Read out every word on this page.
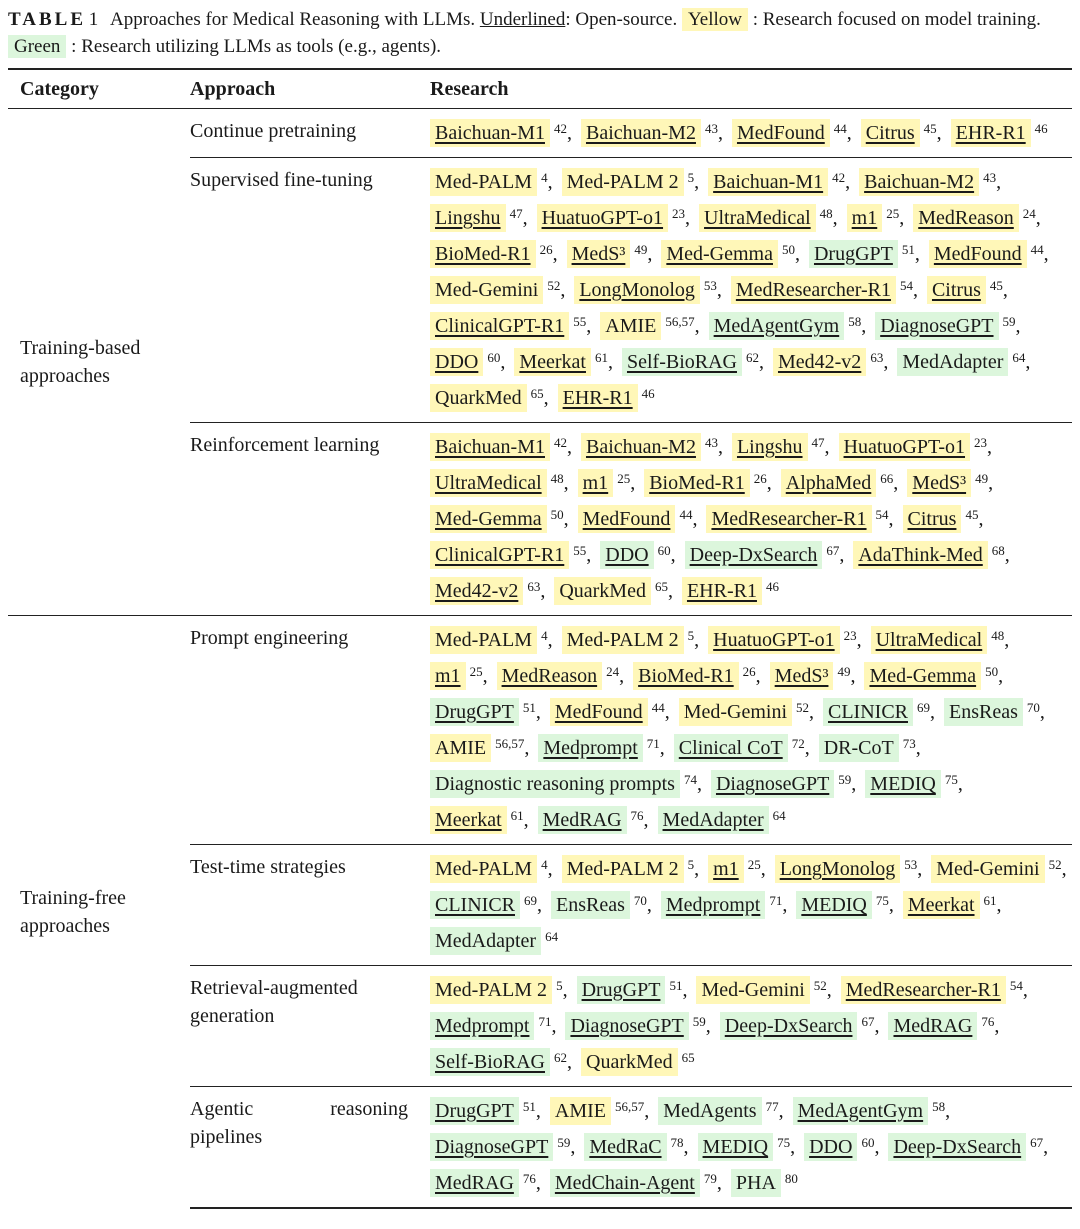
TABLE 1 Approaches for Medical Reasoning with LLMs. Underlined: Open-source. Yellow : Research focused on model training. Green : Research utilizing LLMs as tools (e.g., agents).
Category	Approach	Research
Training-based approaches	Continue pretraining	Baichuan-M1 $^{42}$, Baichuan-M2 $^{43}$, MedFound $^{44}$, Citrus $^{45}$, EHR-R1 $^{46}$

	Supervised fine-tuning	Med-PALM $^4$, Med-PALM 2 $^5$, Baichuan-M1 $^{42}$, Baichuan-M2 $^{43}$, Lingshu $^{47}$, HuatuoGPT-o1 $^{23}$, UltraMedical $^{48}$, m1 $^{25}$, MedReason $^{24}$, BioMed-R1 $^{26}$, MedS³ $^{49}$, Med-Gemma $^{50}$, DrugGPT $^{51}$, MedFound $^{44}$, Med-Gemini $^{52}$, LongMonolog $^{53}$, MedResearcher-R1 $^{54}$, Citrus $^{45}$, ClinicalGPT-R1 $^{55}$, AMIE $^{56,57}$, MedAgentGym $^{58}$, DiagnoseGPT $^{59}$, DDO $^{60}$, Meerkat $^{61}$, Self-BioRAG $^{62}$, Med42-v2 $^{63}$, MedAdapter $^{64}$, QuarkMed $^{65}$, EHR-R1 $^{46}$

	Reinforcement learning	Baichuan-M1 $^{42}$, Baichuan-M2 $^{43}$, Lingshu $^{47}$, HuatuoGPT-o1 $^{23}$, UltraMedical $^{48}$, m1 $^{25}$, BioMed-R1 $^{26}$, AlphaMed $^{66}$, MedS³ $^{49}$, Med-Gemma $^{50}$, MedFound $^{44}$, MedResearcher-R1 $^{54}$, Citrus $^{45}$, ClinicalGPT-R1 $^{55}$, DDO $^{60}$, Deep-DxSearch $^{67}$, AdaThink-Med $^{68}$, Med42-v2 $^{63}$, QuarkMed $^{65}$, EHR-R1 $^{46}$

Training-free approaches	Prompt engineering	Med-PALM $^4$, Med-PALM 2 $^5$, HuatuoGPT-o1 $^{23}$, UltraMedical $^{48}$, m1 $^{25}$, MedReason $^{24}$, BioMed-R1 $^{26}$, MedS³ $^{49}$, Med-Gemma $^{50}$, DrugGPT $^{51}$, MedFound $^{44}$, Med-Gemini $^{52}$, CLINICR $^{69}$, EnsReas $^{70}$, AMIE $^{56,57}$, Medprompt $^{71}$, Clinical CoT $^{72}$, DR-CoT $^{73}$, Diagnostic reasoning prompts $^{74}$, DiagnoseGPT $^{59}$, MEDIQ $^{75}$, Meerkat $^{61}$, MedRAG $^{76}$, MedAdapter $^{64}$

	Test-time strategies	Med-PALM $^4$, Med-PALM 2 $^5$, m1 $^{25}$, LongMonolog $^{53}$, Med-Gemini $^{52}$, CLINICR $^{69}$, EnsReas $^{70}$, Medprompt $^{71}$, MEDIQ $^{75}$, Meerkat $^{61}$, MedAdapter $^{64}$

	Retrieval-augmented generation	Med-PALM 2 $^5$, DrugGPT $^{51}$, Med-Gemini $^{52}$, MedResearcher-R1 $^{54}$, Medprompt $^{71}$, DiagnoseGPT $^{59}$, Deep-DxSearch $^{67}$, MedRAG $^{76}$, Self-BioRAG $^{62}$, QuarkMed $^{65}$

	Agentic reasoning pipelines	DrugGPT $^{51}$, AMIE $^{56,57}$, MedAgents $^{77}$, MedAgentGym $^{58}$, DiagnoseGPT $^{59}$, MedRaC $^{78}$, MEDIQ $^{75}$, DDO $^{60}$, Deep-DxSearch $^{67}$, MedRAG $^{76}$, MedChain-Agent $^{79}$, PHA $^{80}$
